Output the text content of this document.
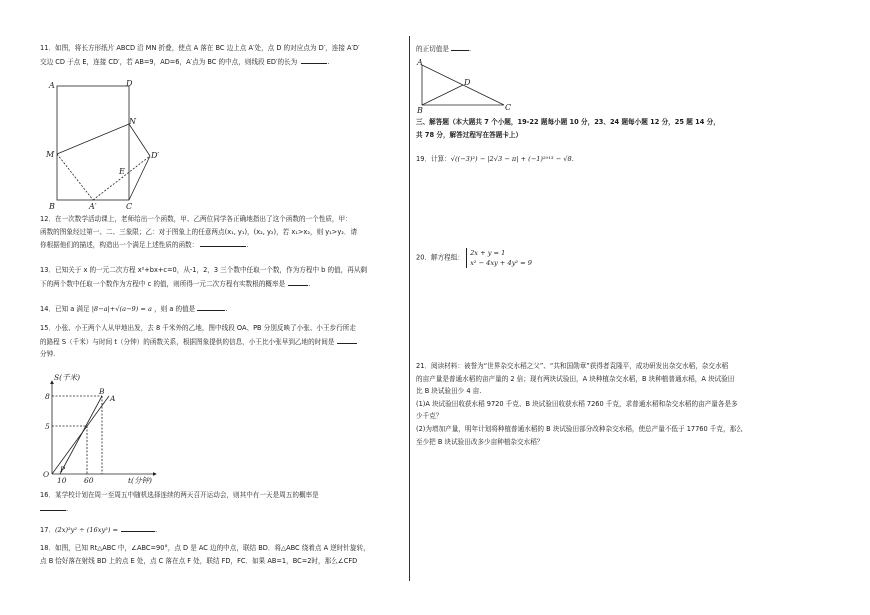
11．如图，将长方形纸片 ABCD 沿 MN 折叠，使点 A 落在 BC 边上点 A′处，点 D 的对应点为 D′，连接 A′D′
交边 CD 于点 E，连接 CD′，若 AB=9，AD=6，A′点为 BC 的中点，则线段 ED′的长为	.
A	D
N
M	D′
E
B	A′	C
12．在一次数学活动课上，老师给出一个函数，甲、乙两位同学各正确地指出了这个函数的一个性质，甲：
函数的图象经过第一、二、三象限；乙：对于图象上的任意两点(x₁, y₁)，(x₂, y₂)，若 x₁>x₂，则 y₁>y₂．请
你根据他们的描述，构造出一个满足上述性质的函数：	.
13．已知关于 x 的一元二次方程 x²+bx+c=0，从-1，2，3 三个数中任取一个数，作为方程中 b 的值，再从剩
下的两个数中任取一个数作为方程中 c 的值，则所得一元二次方程有实数根的概率是	.
14．已知 a 满足 |8−a|+√(a−9) = a ，则 a 的值是	.
15．小张、小王两个人从甲地出发，去 8 千米外的乙地，图中线段 OA、PB 分别反映了小张、小王步行所走
的路程 S（千米）与时间 t（分钟）的函数关系，根据图象提供的信息，小王比小张早到乙地的时间是
分钟.
S(千米)
t(分钟)
8
5
10 60
O
P
B
A
16．某学校计划在周一至周五中随机选择连续的两天召开运动会，则其中有一天是周五的概率是
.
17．(2x)³y² ÷ (16xy²) =	.
18．如图，已知 Rt△ABC 中，∠ABC=90°，点 D 是 AC 边的中点，联结 BD．将△ABC 绕着点 A 逆时针旋转，
点 B 恰好落在射线 BD 上的点 E 处，点 C 落在点 F 处，联结 FD，FC．如果 AB=1，BC=2时，那么∠CFD
的正切值是	.
A
D
B	C
三、解答题（本大题共 7 个小题，19-22 题每小题 10 分，23、24 题每小题 12 分，25 题 14 分，
共 78 分，解答过程写在答题卡上）
19．计算：√((−3)²) − |2√3 − π| + (−1)²⁰¹³ − √8.
20．解方程组：
2x + y = 1
x² − 4xy + 4y² = 9
21．阅读材料：被誉为“世界杂交水稻之父”、“共和国勋章”获得者袁隆平，成功研发出杂交水稻，杂交水稻
的亩产量是普通水稻的亩产量的 2 倍；现有两块试验田，A 块种植杂交水稻，B 块种植普通水稻，A 块试验田
比 B 块试验田少 4 亩.
(1)A 块试验田收获水稻 9720 千克、B 块试验田收获水稻 7260 千克，求普通水稻和杂交水稻的亩产量各是多
少千克？
(2)为增加产量，明年计划将种植普通水稻的 B 块试验田部分改种杂交水稻，使总产量不低于 17760 千克，那么
至少把 B 块试验田改多少亩种植杂交水稻？
